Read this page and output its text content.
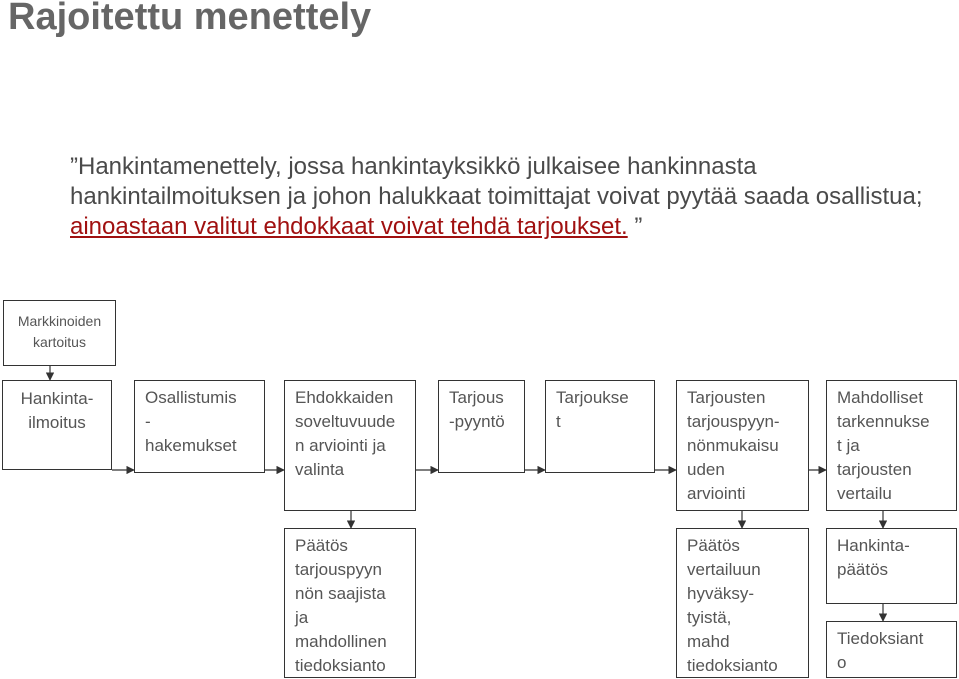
Rajoitettu menettely
”Hankintamenettely, jossa hankintayksikkö julkaisee hankinnasta hankintailmoituksen ja johon halukkaat toimittajat voivat pyytää saada osallistua; ainoastaan valitut ehdokkaat voivat tehdä tarjoukset. ”
Markkinoiden
kartoitus
Hankinta-
ilmoitus
Osallistumis
-
hakemukset
Ehdokkaiden
soveltuvuude
n arviointi ja
valinta
Tarjous
-pyyntö
Tarjoukse
t
Tarjousten
tarjouspyyn-
nönmukaisu
uden
arviointi
Mahdolliset
tarkennukse
t ja
tarjousten
vertailu
Päätös
tarjouspyyn
nön saajista
ja
mahdollinen
tiedoksianto
Päätös
vertailuun
hyväksy-
tyistä,
mahd
tiedoksianto
Hankinta-
päätös
Tiedoksiant
o
